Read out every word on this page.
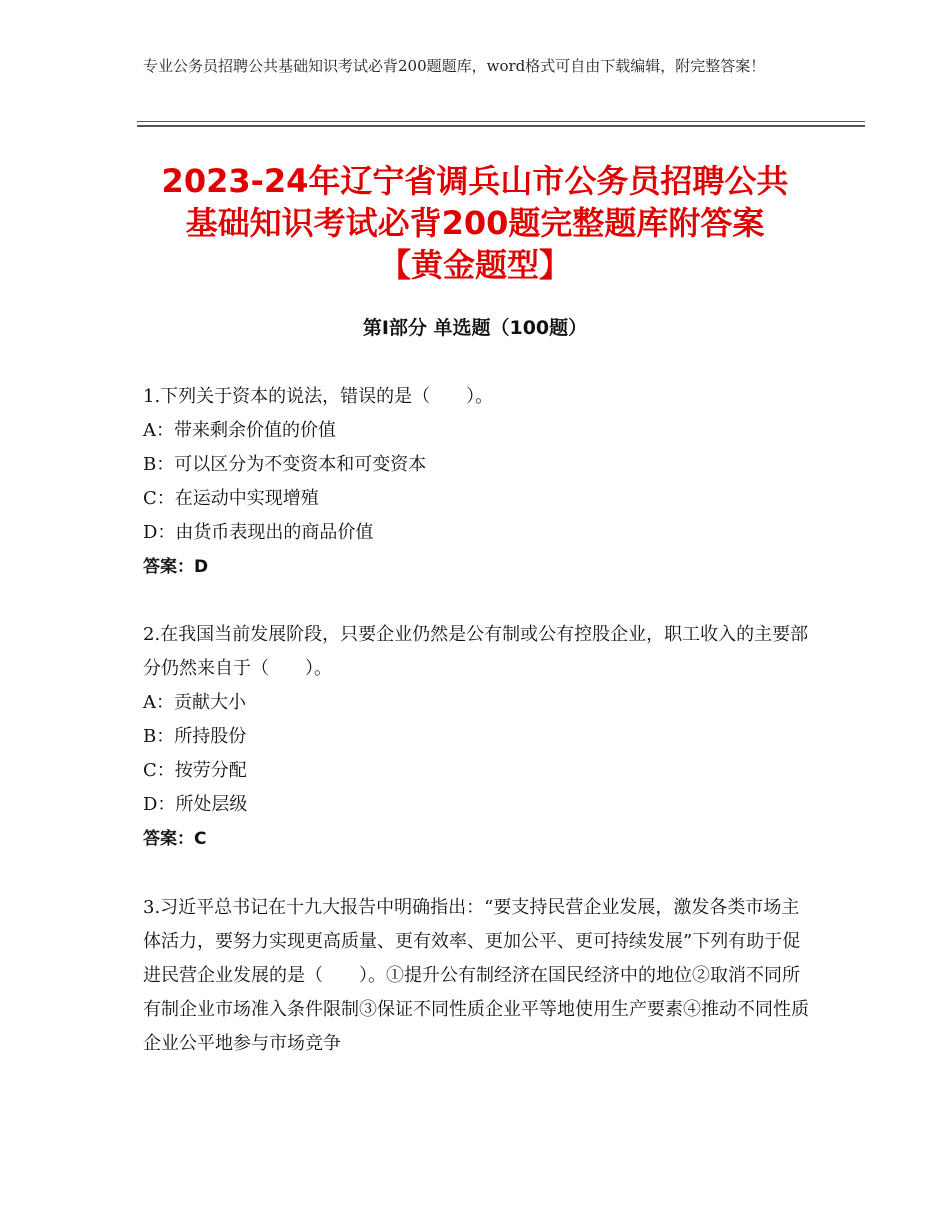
专业公务员招聘公共基础知识考试必背200题题库，word格式可自由下载编辑，附完整答案！
2023-24年辽宁省调兵山市公务员招聘公共
基础知识考试必背200题完整题库附答案
【黄金题型】
第Ⅰ部分 单选题（100题）
1.下列关于资本的说法，错误的是（　　）。
A：带来剩余价值的价值
B：可以区分为不变资本和可变资本
C：在运动中实现增殖
D：由货币表现出的商品价值
答案：D
2.在我国当前发展阶段，只要企业仍然是公有制或公有控股企业，职工收入的主要部分仍然来自于（　　）。
A：贡献大小
B：所持股份
C：按劳分配
D：所处层级
答案：C
3.习近平总书记在十九大报告中明确指出：“要支持民营企业发展，激发各类市场主体活力，要努力实现更高质量、更有效率、更加公平、更可持续发展”下列有助于促进民营企业发展的是（　　）。①提升公有制经济在国民经济中的地位②取消不同所有制企业市场准入条件限制③保证不同性质企业平等地使用生产要素④推动不同性质企业公平地参与市场竞争
